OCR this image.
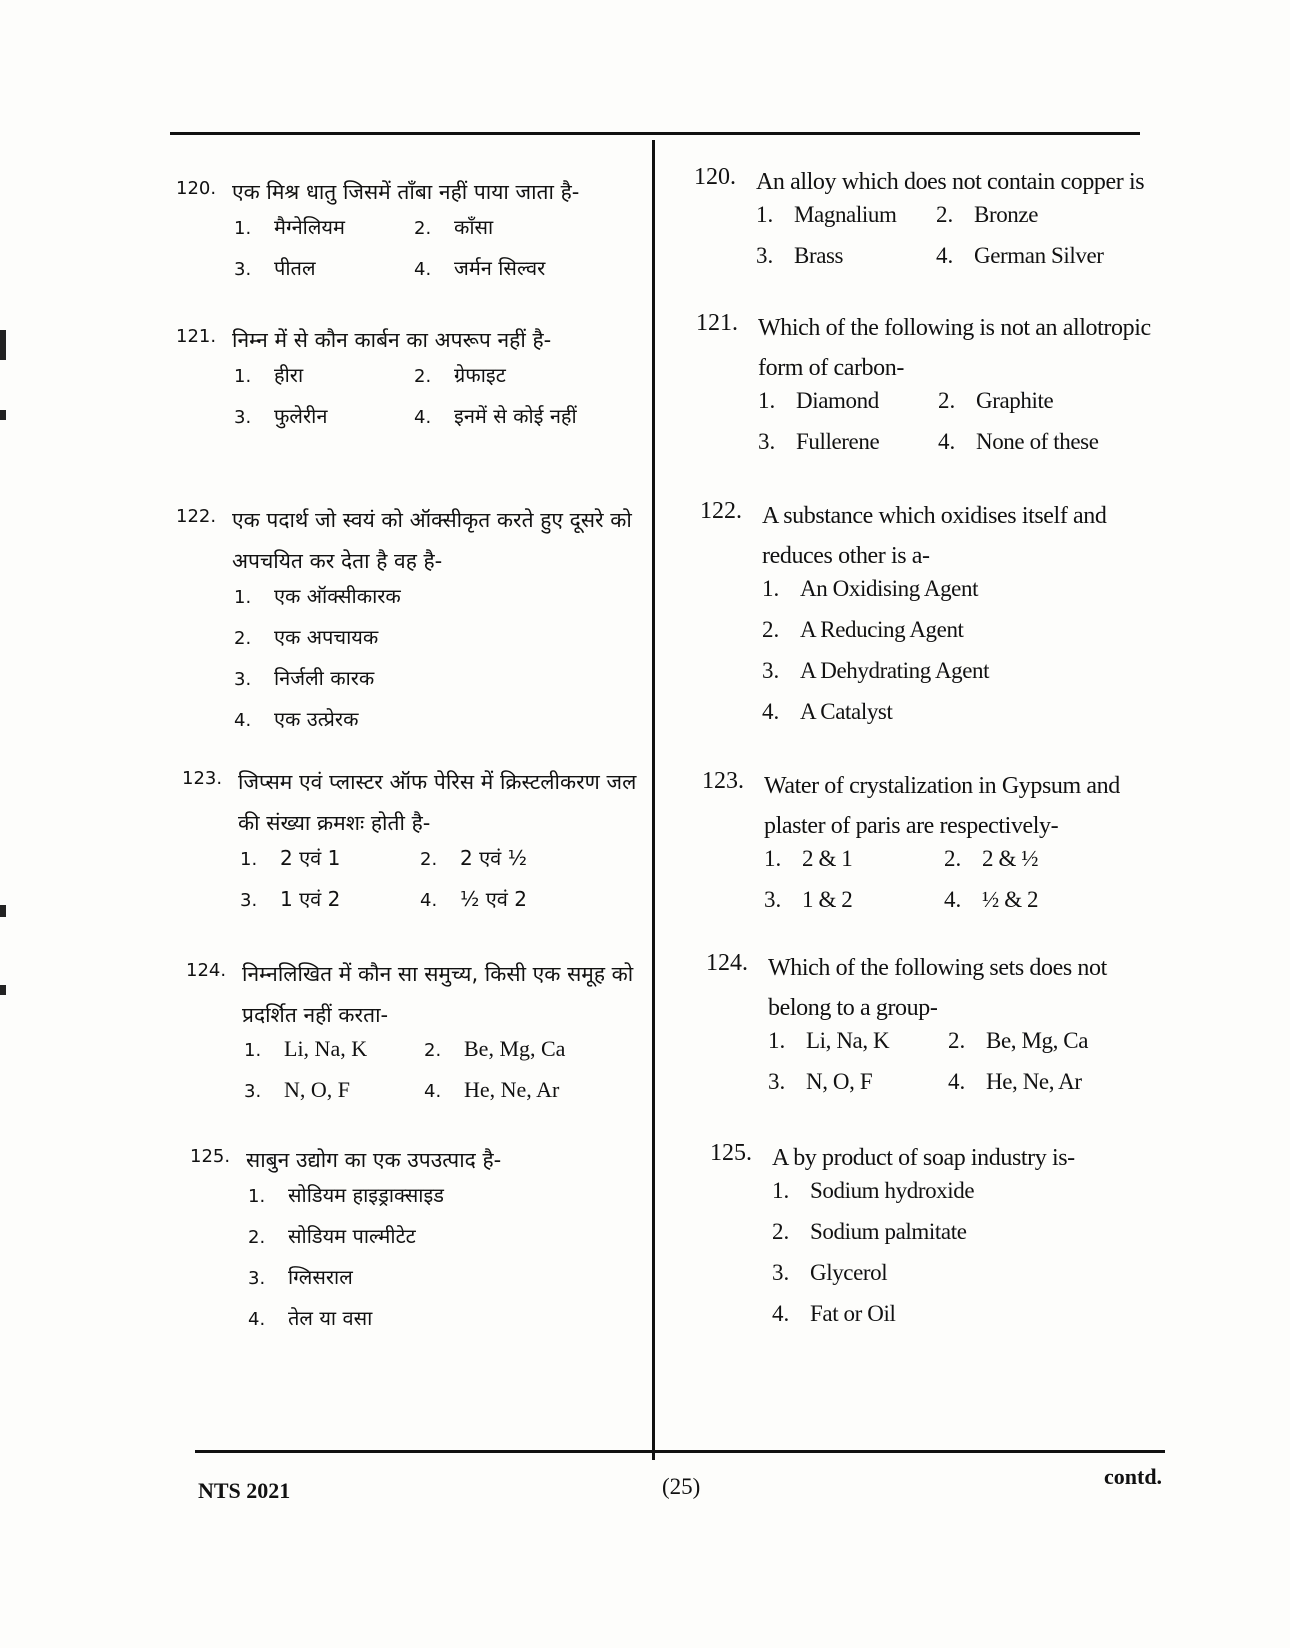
120. एक मिश्र धातु जिसमें ताँबा नहीं पाया जाता है-
1.	मैग्नेलियम	2.	काँसा
3.	पीतल	4.	जर्मन सिल्वर
121. निम्न में से कौन कार्बन का अपरूप नहीं है-
1.	हीरा	2.	ग्रेफाइट
3.	फुलेरीन	4.	इनमें से कोई नहीं
122. एक पदार्थ जो स्वयं को ऑक्सीकृत करते हुए दूसरे को अपचयित कर देता है वह है-
1.	एक ऑक्सीकारक
2.	एक अपचायक
3.	निर्जली कारक
4.	एक उत्प्रेरक
123. जिप्सम एवं प्लास्टर ऑफ पेरिस में क्रिस्टलीकरण जल की संख्या क्रमशः होती है-
1.	2 एवं 1	2.	2 एवं ½
3.	1 एवं 2	4.	½ एवं 2
124. निम्नलिखित में कौन सा समुच्य, किसी एक समूह को प्रदर्शित नहीं करता-
1.	Li, Na, K	2.	Be, Mg, Ca
3.	N, O, F	4.	He, Ne, Ar
125. साबुन उद्योग का एक उपउत्पाद है-
1.	सोडियम हाइड्राक्साइड
2.	सोडियम पाल्मीटेट
3.	ग्लिसराल
4.	तेल या वसा
120. An alloy which does not contain copper is
1. Magnalium 2. Bronze
3. Brass	4. German Silver
121. Which of the following is not an allotropic form of carbon-
1. Diamond	2. Graphite
3. Fullerene	4. None of these
122. A substance which oxidises itself and reduces other is a-
1. An Oxidising Agent
2. A Reducing Agent
3. A Dehydrating Agent
4. A Catalyst
123. Water of crystalization in Gypsum and plaster of paris are respectively-
1. 2 & 1	2. 2 & ½
3. 1 & 2	4. ½ & 2
124. Which of the following sets does not belong to a group-
1. Li, Na, K	2. Be, Mg, Ca
3. N, O, F	4. He, Ne, Ar
125. A by product of soap industry is-
1. Sodium hydroxide
2. Sodium palmitate
3. Glycerol
4. Fat or Oil
NTS 2021	(25)	contd.
